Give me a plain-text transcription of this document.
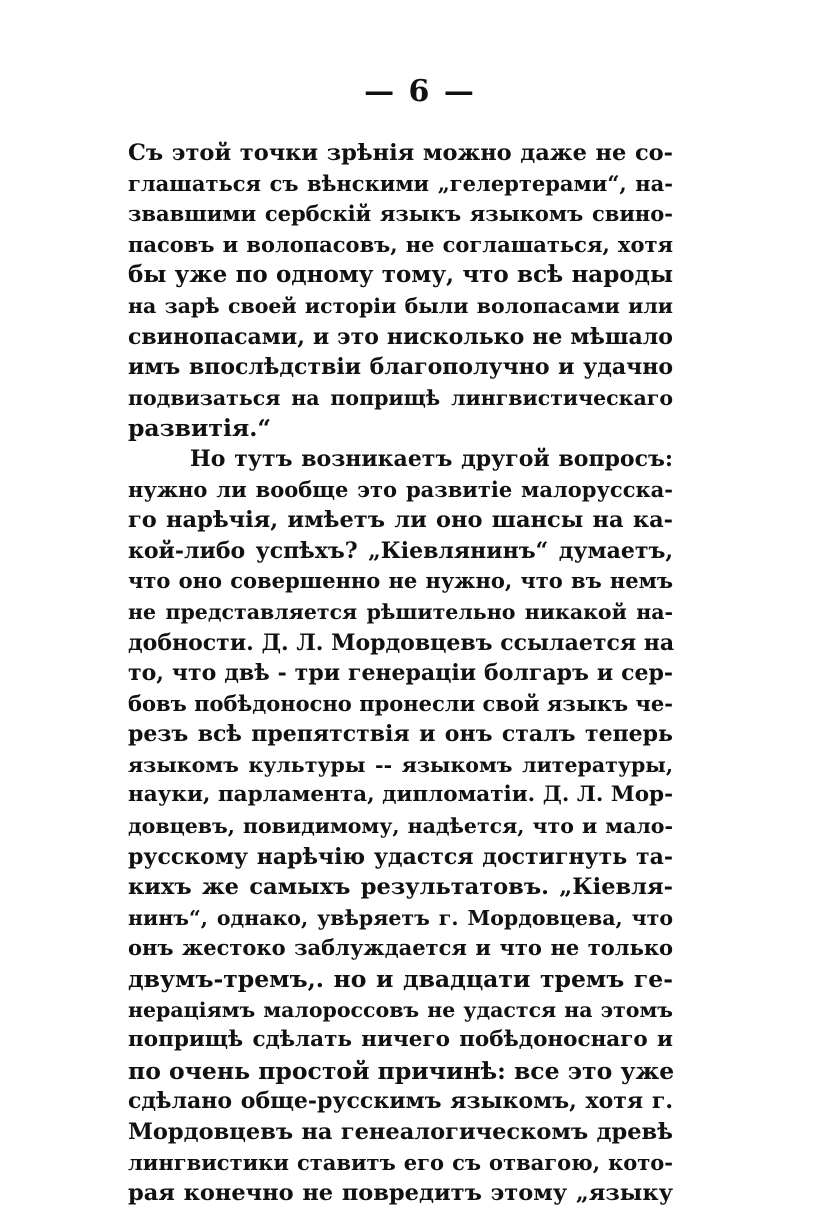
— 6 —
Съ этой точки зрѣнія можно даже не со-
глашаться съ вѣнскими „гелертерами“, на-
звавшими сербскій языкъ языкомъ свино-
пасовъ и волопасовъ, не соглашаться, хотя
бы уже по одному тому, что всѣ народы
на зарѣ своей исторіи были волопасами или
свинопасами, и это нисколько не мѣшало
имъ впослѣдствіи благополучно и удачно
подвизаться на поприщѣ лингвистическаго
развитія.“
Но тутъ возникаетъ другой вопросъ:
нужно ли вообще это развитіе малорусска-
го нарѣчія, имѣетъ ли оно шансы на ка-
кой-либо успѣхъ? „Кіевлянинъ“ думаетъ,
что оно совершенно не нужно, что въ немъ
не представляется рѣшительно никакой на-
добности. Д. Л. Мордовцевъ ссылается на
то, что двѣ - три генераціи болгаръ и сер-
бовъ побѣдоносно пронесли свой языкъ че-
резъ всѣ препятствія и онъ сталъ теперь
языкомъ культуры -- языкомъ литературы,
науки, парламента, дипломатіи. Д. Л. Мор-
довцевъ, повидимому, надѣется, что и мало-
русскому нарѣчію удастся достигнуть та-
кихъ же самыхъ результатовъ. „Кіевля-
нинъ“, однако, увѣряетъ г. Мордовцева, что
онъ жестоко заблуждается и что не только
двумъ-тремъ,. но и двадцати тремъ ге-
нераціямъ малороссовъ не удастся на этомъ
поприщѣ сдѣлать ничего побѣдоноснаго и
по очень простой причинѣ: все это уже
сдѣлано обще-русскимъ языкомъ, хотя г.
Мордовцевъ на генеалогическомъ древѣ
лингвистики ставитъ его съ отвагою, кото-
рая конечно не повредитъ этому „языку
